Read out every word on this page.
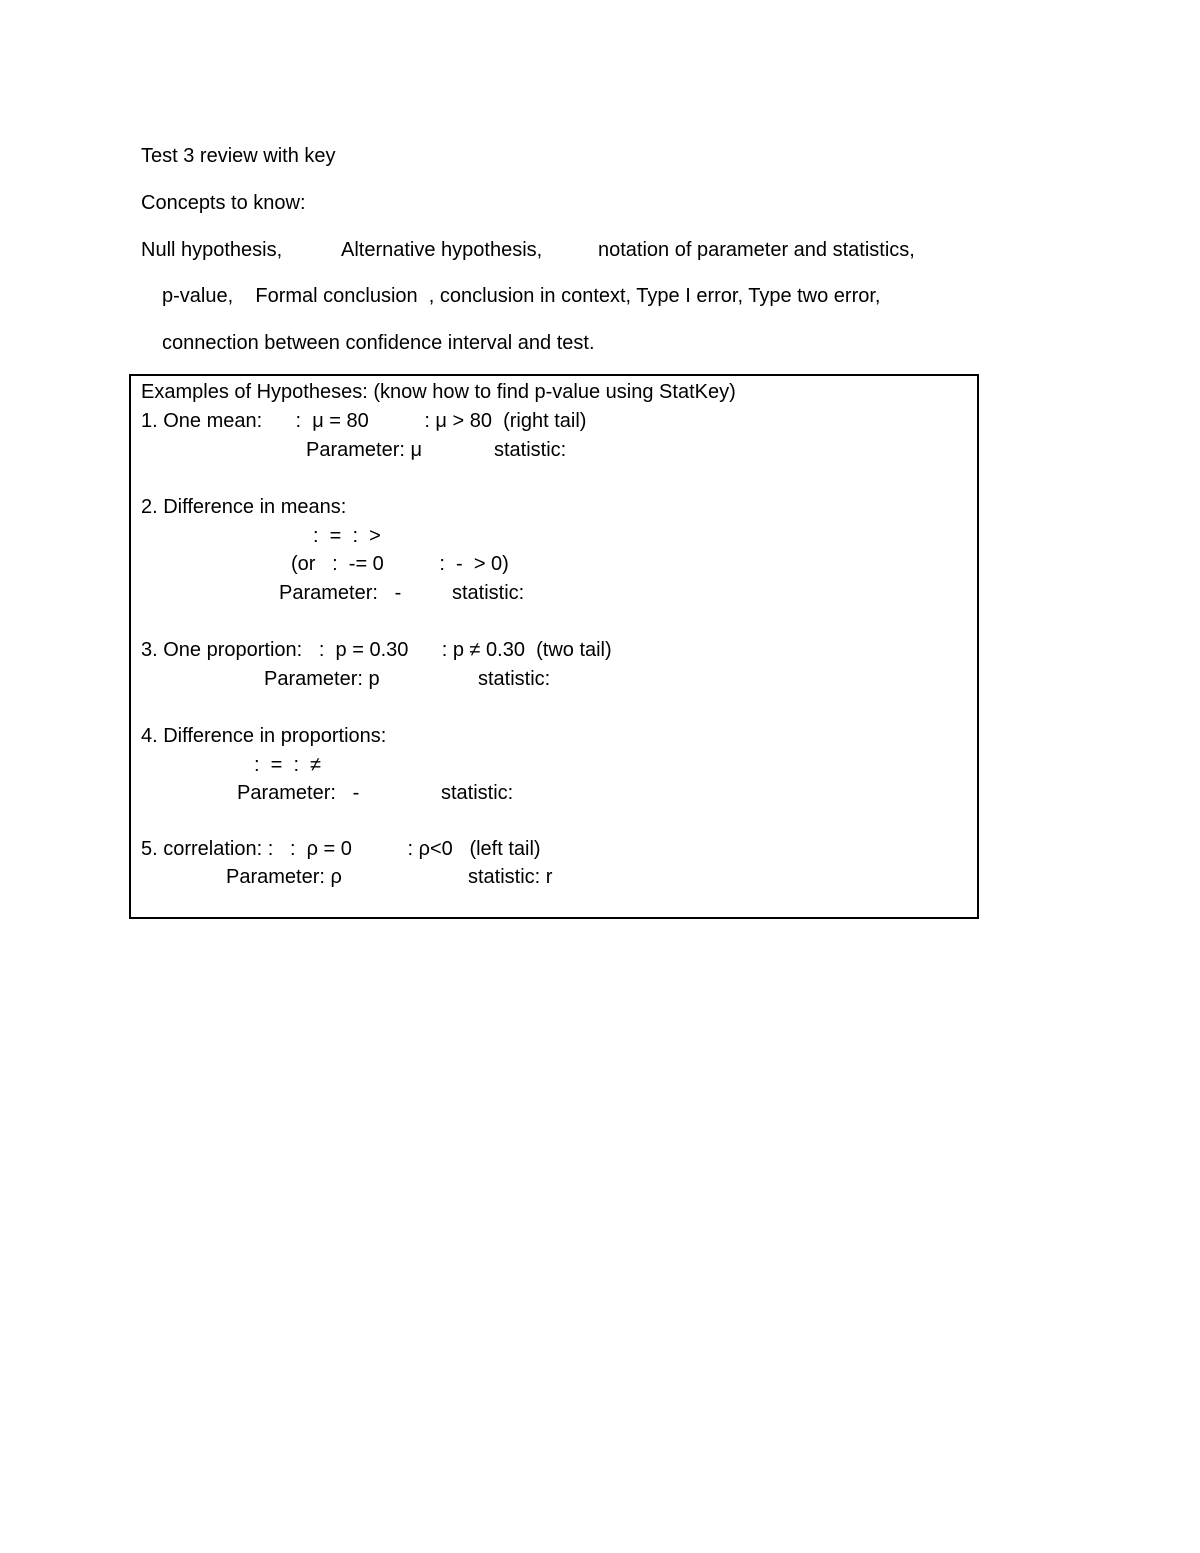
Test 3 review with key
Concepts to know:
Null hypothesis,	Alternative hypothesis,	notation of parameter and statistics,
p-value,    Formal conclusion  , conclusion in context, Type I error, Type two error,
connection between confidence interval and test.
Examples of Hypotheses: (know how to find p-value using StatKey)
1. One mean:      :  μ = 80          : μ > 80  (right tail)
Parameter: μ	statistic:
2. Difference in means:
:  =  :  >
(or   :  -= 0          :  -  > 0)
Parameter:   -	statistic:
3. One proportion:   :  p = 0.30      : p ≠ 0.30  (two tail)
Parameter: p	statistic:
4. Difference in proportions:
:  =  :  ≠
Parameter:   -	statistic:
5. correlation: :   :  ρ = 0          : ρ<0   (left tail)
Parameter: ρ	statistic: r
